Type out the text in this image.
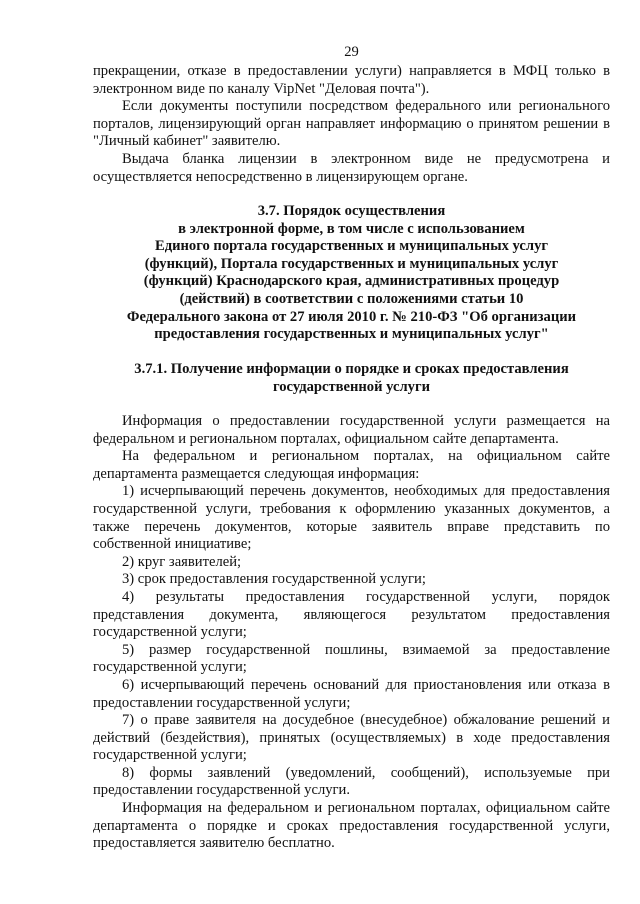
29

прекращении, отказе в предоставлении услуги) направляется в МФЦ только в электронном виде по каналу VipNet "Деловая почта").

Если документы поступили посредством федерального или регионального порталов, лицензирующий орган направляет информацию о принятом решении в "Личный кабинет" заявителю.

Выдача бланка лицензии в электронном виде не предусмотрена и осуществляется непосредственно в лицензирующем органе.

3.7. Порядок осуществления
в электронной форме, в том числе с использованием
Единого портала государственных и муниципальных услуг
(функций), Портала государственных и муниципальных услуг
(функций) Краснодарского края, административных процедур
(действий) в соответствии с положениями статьи 10
Федерального закона от 27 июля 2010 г. № 210-ФЗ "Об организации
предоставления государственных и муниципальных услуг"
3.7.1. Получение информации о порядке и сроках предоставления
государственной услуги

Информация о предоставлении государственной услуги размещается на федеральном и региональном порталах, официальном сайте департамента.

На федеральном и региональном порталах, на официальном сайте департамента размещается следующая информация:

1) исчерпывающий перечень документов, необходимых для предоставления государственной услуги, требования к оформлению указанных документов, а также перечень документов, которые заявитель вправе представить по собственной инициативе;

2) круг заявителей;

3) срок предоставления государственной услуги;

4) результаты предоставления государственной услуги, порядок представления документа, являющегося результатом предоставления государственной услуги;

5) размер государственной пошлины, взимаемой за предоставление государственной услуги;

6) исчерпывающий перечень оснований для приостановления или отказа в предоставлении государственной услуги;

7) о праве заявителя на досудебное (внесудебное) обжалование решений и действий (бездействия), принятых (осуществляемых) в ходе предоставления государственной услуги;

8) формы заявлений (уведомлений, сообщений), используемые при предоставлении государственной услуги.

Информация на федеральном и региональном порталах, официальном сайте департамента о порядке и сроках предоставления государственной услуги, предоставляется заявителю бесплатно.
